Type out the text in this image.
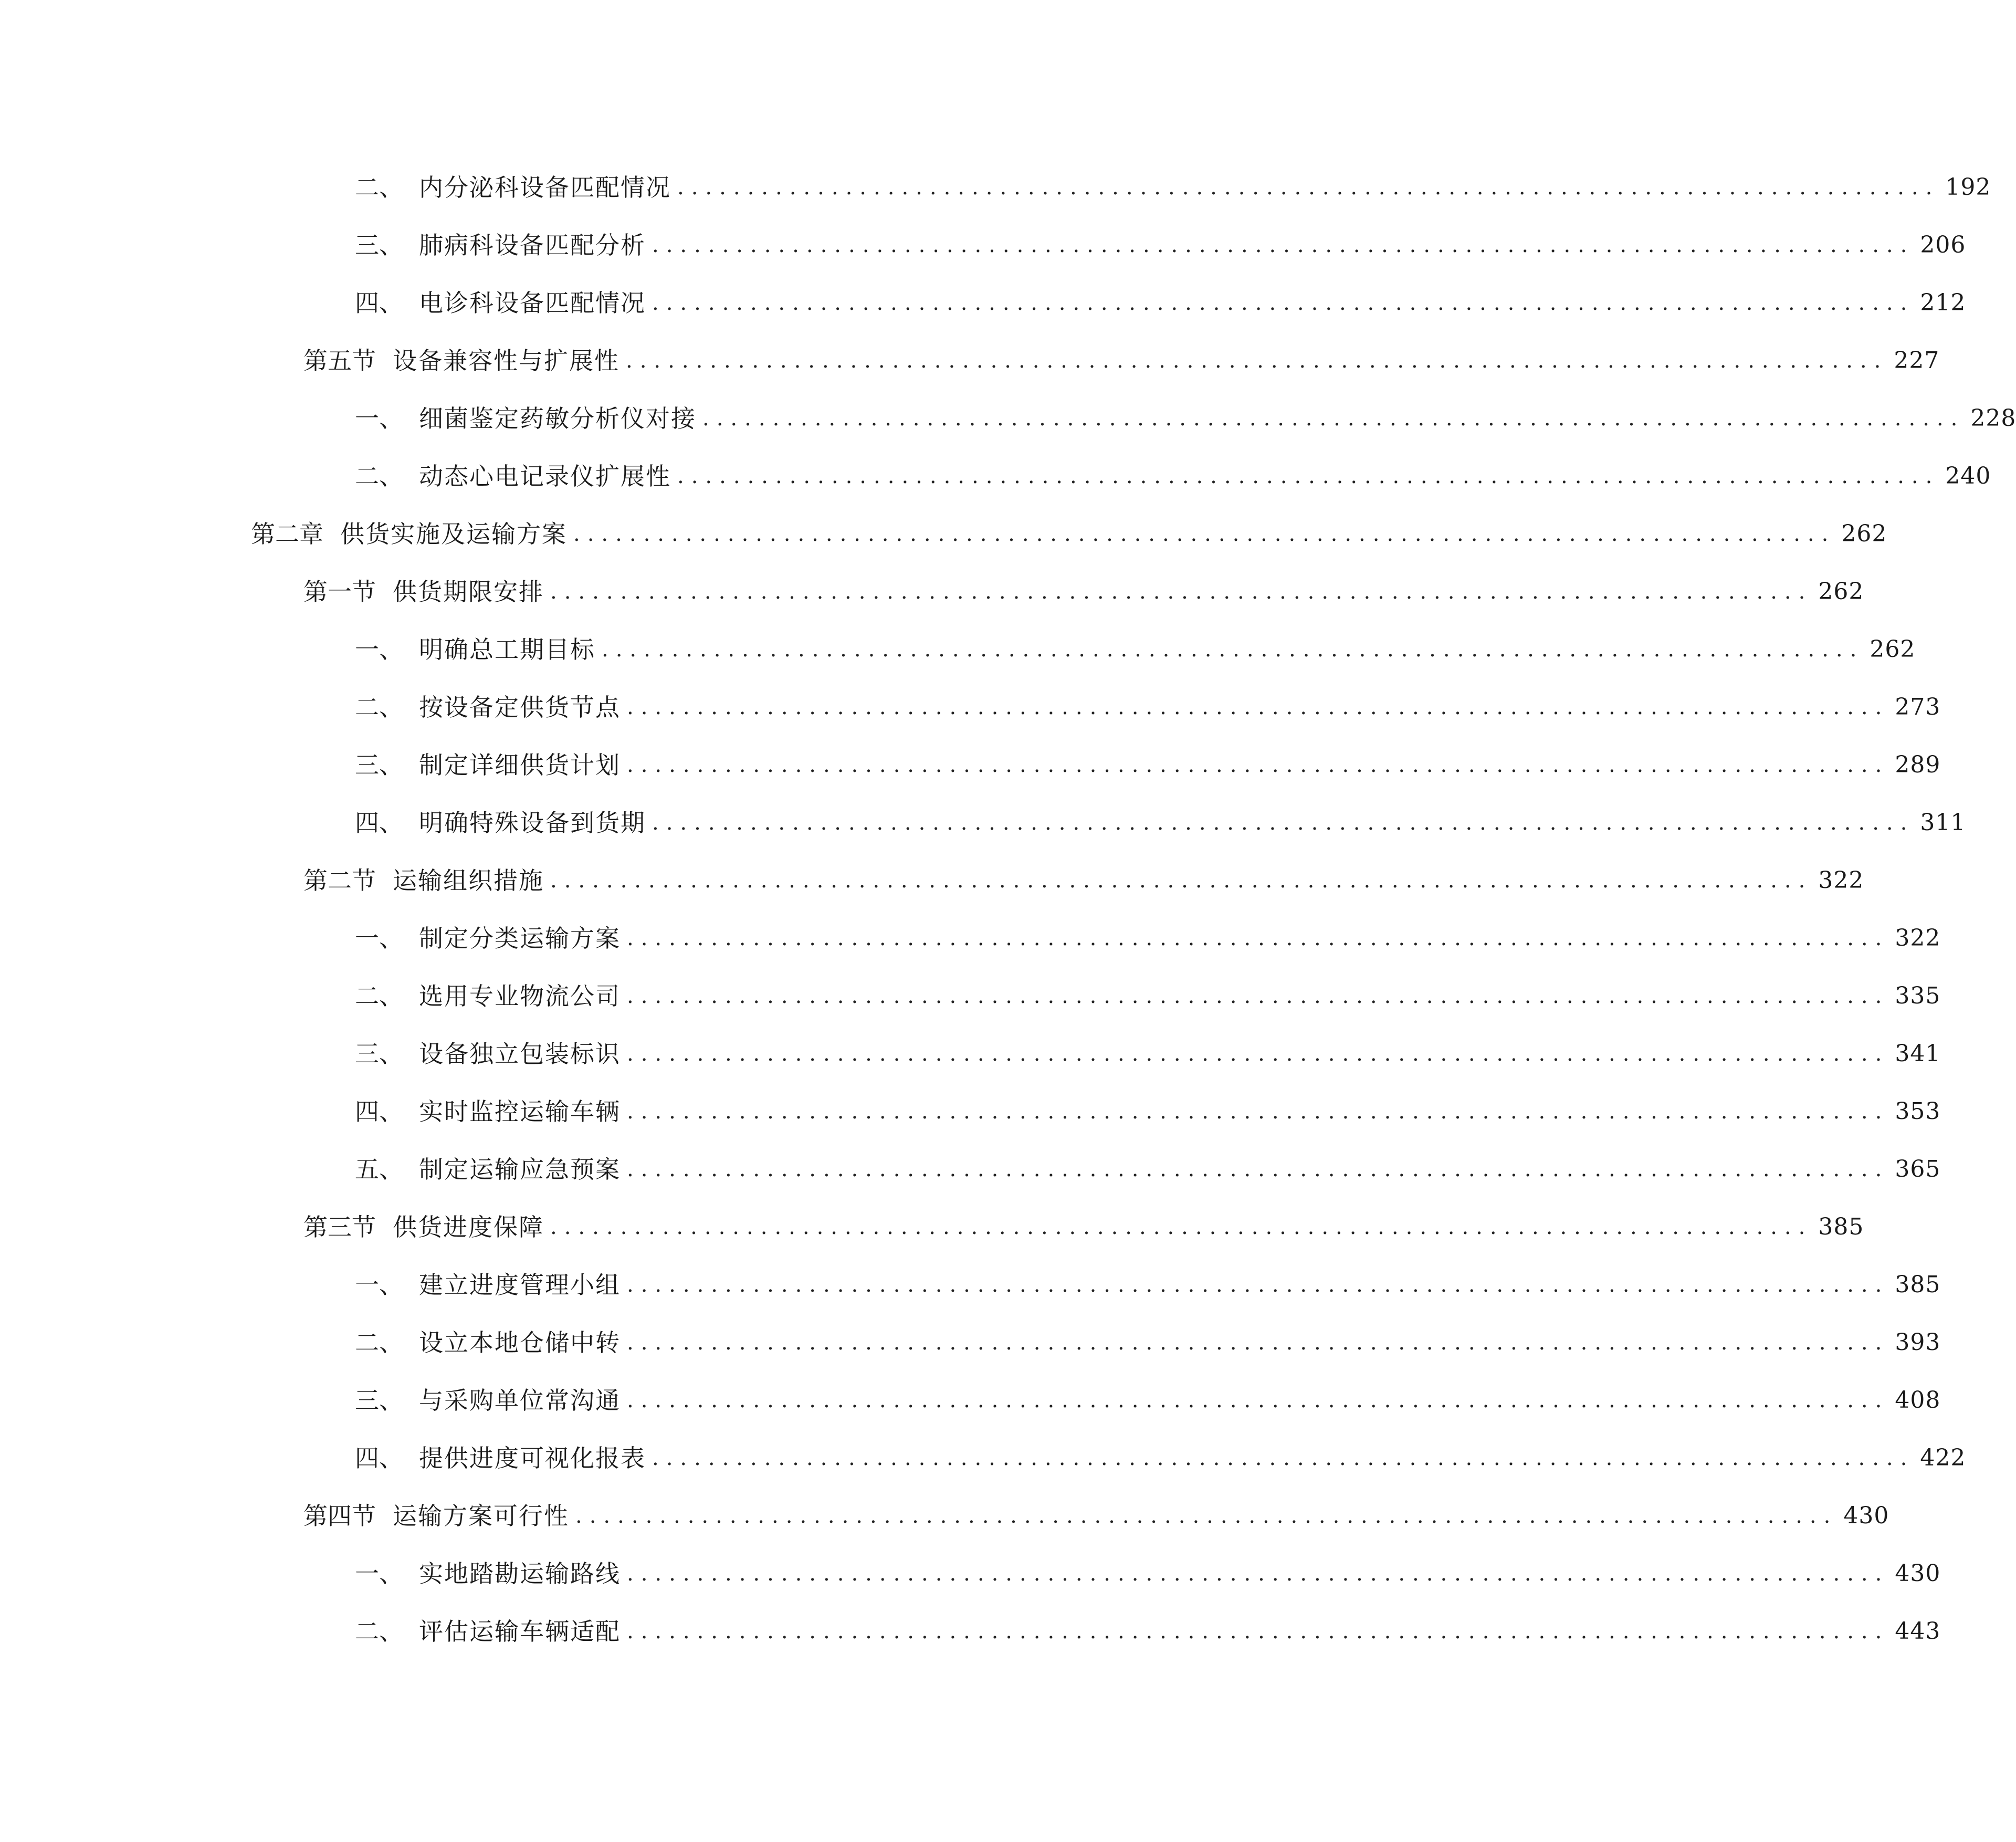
二、 内分泌科设备匹配情况 .......................................................................................... 192
三、 肺病科设备匹配分析 .......................................................................................... 206
四、 电诊科设备匹配情况 .......................................................................................... 212
第五节 设备兼容性与扩展性 .......................................................................................... 227
一、 细菌鉴定药敏分析仪对接 .......................................................................................... 228
二、 动态心电记录仪扩展性 .......................................................................................... 240
第二章 供货实施及运输方案 .......................................................................................... 262
第一节 供货期限安排 .......................................................................................... 262
一、 明确总工期目标 .......................................................................................... 262
二、 按设备定供货节点 .......................................................................................... 273
三、 制定详细供货计划 .......................................................................................... 289
四、 明确特殊设备到货期 .......................................................................................... 311
第二节 运输组织措施 .......................................................................................... 322
一、 制定分类运输方案 .......................................................................................... 322
二、 选用专业物流公司 .......................................................................................... 335
三、 设备独立包装标识 .......................................................................................... 341
四、 实时监控运输车辆 .......................................................................................... 353
五、 制定运输应急预案 .......................................................................................... 365
第三节 供货进度保障 .......................................................................................... 385
一、 建立进度管理小组 .......................................................................................... 385
二、 设立本地仓储中转 .......................................................................................... 393
三、 与采购单位常沟通 .......................................................................................... 408
四、 提供进度可视化报表 .......................................................................................... 422
第四节 运输方案可行性 .......................................................................................... 430
一、 实地踏勘运输路线 .......................................................................................... 430
二、 评估运输车辆适配 .......................................................................................... 443
